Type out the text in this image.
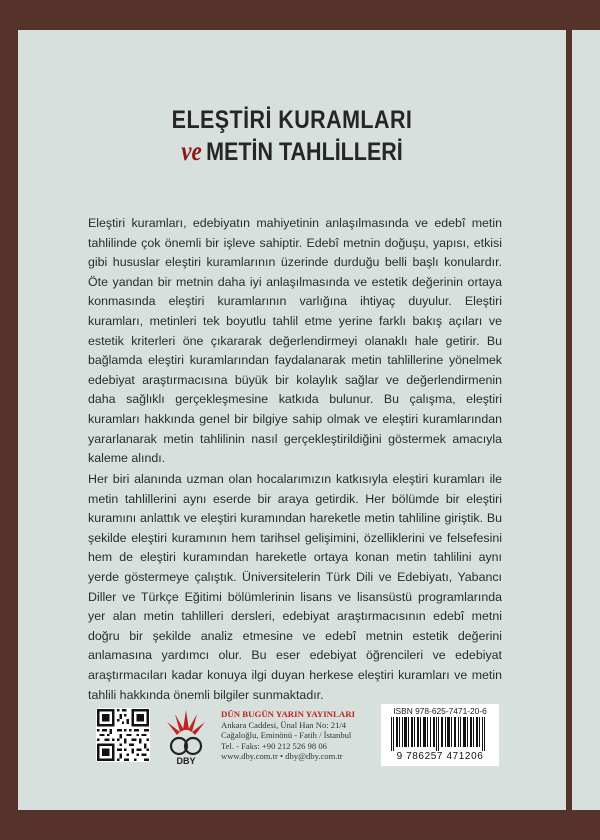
ELEŞTİRİ KURAMLARI
ve METİN TAHLİLLERİ

Eleştiri kuramları, edebiyatın mahiyetinin anlaşılmasında ve edebî metin tahlilinde çok önemli bir işleve sahiptir. Edebî metnin doğuşu, yapısı, etkisi gibi hususlar eleştiri kuramlarının üzerinde durduğu belli başlı konulardır. Öte yandan bir metnin daha iyi anlaşılmasında ve estetik değerinin ortaya konmasında eleştiri kuramlarının varlığına ihtiyaç duyulur. Eleştiri kuramları, metinleri tek boyutlu tahlil etme yerine farklı bakış açıları ve estetik kriterleri öne çıkararak değerlendirmeyi olanaklı hale getirir. Bu bağlamda eleştiri kuramlarından faydalanarak metin tahlillerine yönelmek edebiyat araştırmacısına büyük bir kolaylık sağlar ve değerlendirmenin daha sağlıklı gerçekleşmesine katkıda bulunur. Bu çalışma, eleştiri kuramları hakkında genel bir bilgiye sahip olmak ve eleştiri kuramlarından yararlanarak metin tahlilinin nasıl gerçekleştirildiğini göstermek amacıyla kaleme alındı.

Her biri alanında uzman olan hocalarımızın katkısıyla eleştiri kuramları ile metin tahlillerini aynı eserde bir araya getirdik. Her bölümde bir eleştiri kuramını anlattık ve eleştiri kuramından hareketle metin tahliline giriştik. Bu şekilde eleştiri kuramının hem tarihsel gelişimini, özelliklerini ve felsefesini hem de eleştiri kuramından hareketle ortaya konan metin tahlilini aynı yerde göstermeye çalıştık. Üniversitelerin Türk Dili ve Edebiyatı, Yabancı Diller ve Türkçe Eğitimi bölümlerinin lisans ve lisansüstü programlarında yer alan metin tahlilleri dersleri, edebiyat araştırmacısının edebî metni doğru bir şekilde analiz etmesine ve edebî metnin estetik değerini anlamasına yardımcı olur. Bu eser edebiyat öğrencileri ve edebiyat araştırmacıları kadar konuya ilgi duyan herkese eleştiri kuramları ve metin tahlili hakkında önemli bilgiler sunmaktadır.

DBY
DÜN BUGÜN YARIN YAYINLARI
Ankara Caddesi, Ünal Han No: 21/4
Cağaloğlu, Eminönü - Fatih / İstanbul
Tel. - Faks: +90 212 526 98 06
www.dby.com.tr • dby@dby.com.tr
ISBN 978-625-7471-20-6
9 786257 471206
